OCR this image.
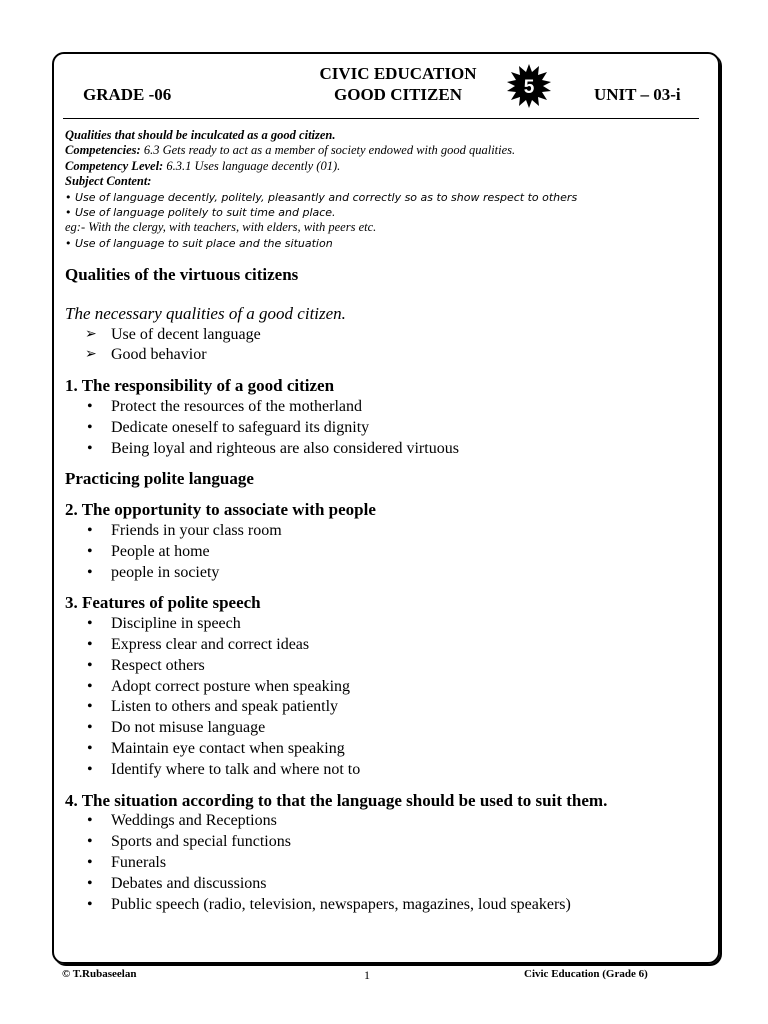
GRADE -06
CIVIC EDUCATION
GOOD CITIZEN	5	UNIT – 03-i
Qualities that should be inculcated as a good citizen.
Competencies: 6.3 Gets ready to act as a member of society endowed with good qualities.
Competency Level: 6.3.1 Uses language decently (01).
Subject Content:
• Use of language decently, politely, pleasantly and correctly so as to show respect to others
• Use of language politely to suit time and place.
eg:- With the clergy, with teachers, with elders, with peers etc.
• Use of language to suit place and the situation

Qualities of the virtuous citizens

The necessary qualities of a good citizen.

➢ Use of decent language
➢ Good behavior

1. The responsibility of a good citizen

• Protect the resources of the motherland
• Dedicate oneself to safeguard its dignity
• Being loyal and righteous are also considered virtuous

Practicing polite language

2. The opportunity to associate with people

• Friends in your class room
• People at home
• people in society

3. Features of polite speech

• Discipline in speech
• Express clear and correct ideas
• Respect others
• Adopt correct posture when speaking
• Listen to others and speak patiently
• Do not misuse language
• Maintain eye contact when speaking
• Identify where to talk and where not to

4. The situation according to that the language should be used to suit them.

• Weddings and Receptions
• Sports and special functions
• Funerals
• Debates and discussions
• Public speech (radio, television, newspapers, magazines, loud speakers)
© T.Rubaseelan	1	Civic Education (Grade 6)
